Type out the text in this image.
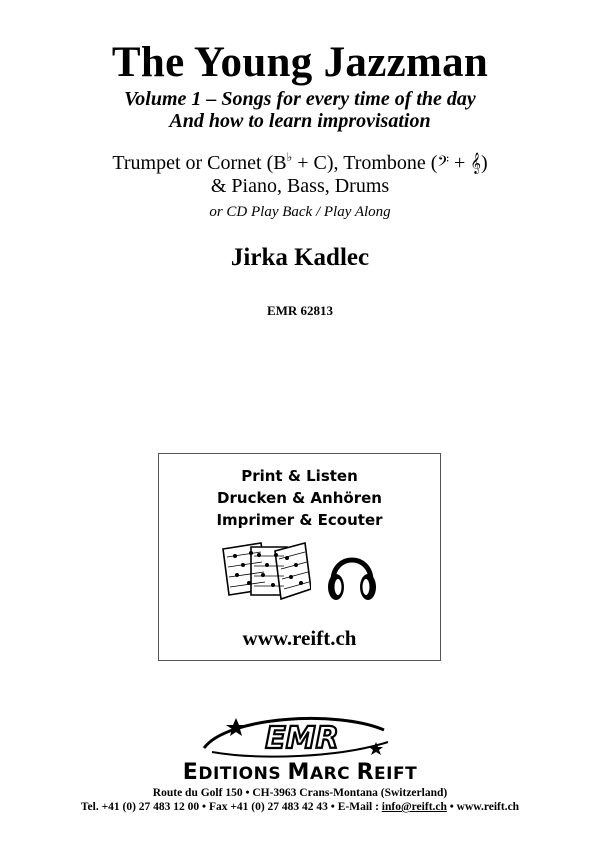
The Young Jazzman
Volume 1 – Songs for every time of the day
And how to learn improvisation
Trumpet or Cornet (B♭ + C), Trombone (𝄢 + 𝄞)
& Piano, Bass, Drums
or CD Play Back / Play Along
Jirka Kadlec
EMR 62813
Print & Listen
Drucken & Anhören
Imprimer & Ecouter
www.reift.ch
EMR
EDITIONS MARC REIFT
Route du Golf 150 • CH-3963 Crans-Montana (Switzerland)
Tel. +41 (0) 27 483 12 00 • Fax +41 (0) 27 483 42 43 • E-Mail : info@reift.ch • www.reift.ch
